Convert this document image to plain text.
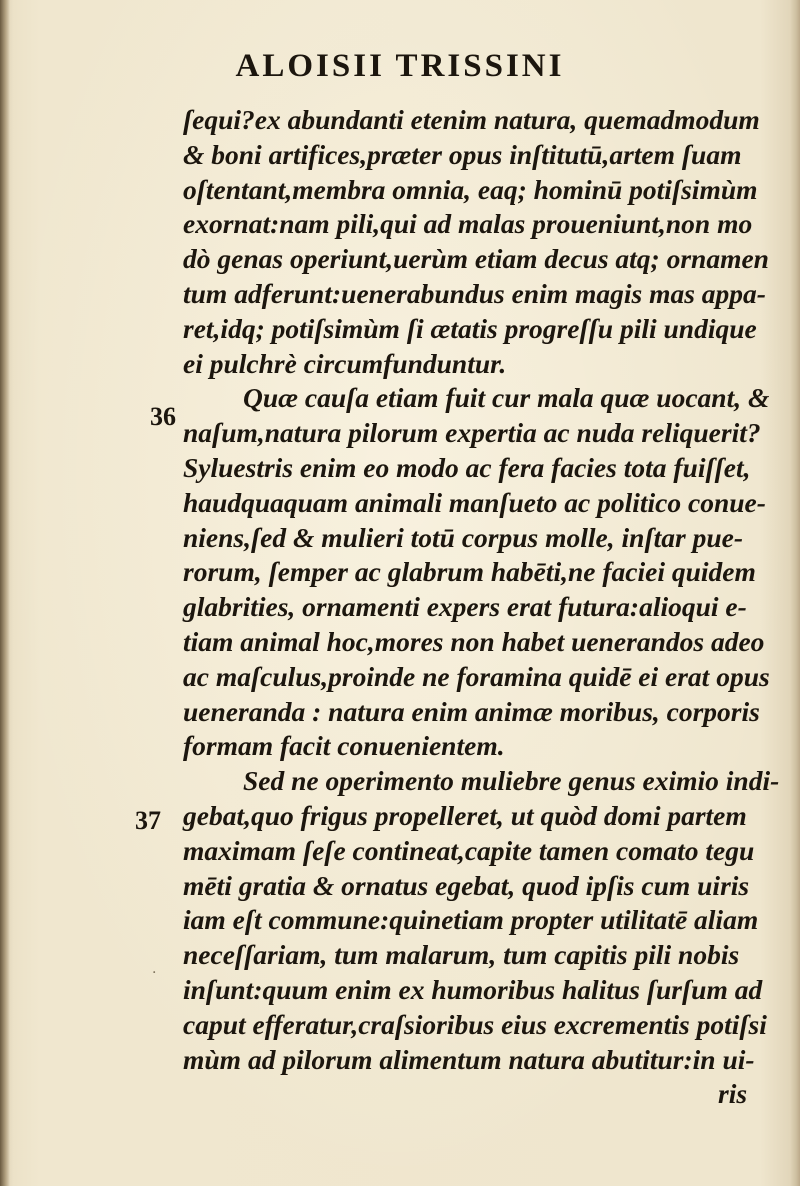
ALOISII TRISSINI
36
37
·
ſequi?ex abundanti etenim natura, quemadmodum
& boni artifices,præter opus inſtitutū,artem ſuam
oſtentant,membra omnia, eaq; hominū potiſsimùm
exornat:nam pili,qui ad malas proueniunt,non mo
dò genas operiunt,uerùm etiam decus atq; ornamen
tum adferunt:uenerabundus enim magis mas appa‐
ret,idq; potiſsimùm ſi ætatis progreſſu pili undique
ei pulchrè circumfunduntur.
Quæ cauſa etiam fuit cur mala quæ uocant, &
naſum,natura pilorum expertia ac nuda reliquerit?
Syluestris enim eo modo ac fera facies tota fuiſſet,
haudquaquam animali manſueto ac politico conue‐
niens,ſed & mulieri totū corpus molle, inſtar pue‐
rorum, ſemper ac glabrum habēti,ne faciei quidem
glabrities, ornamenti expers erat futura:alioqui e‐
tiam animal hoc,mores non habet uenerandos adeo
ac maſculus,proinde ne foramina quidē ei erat opus
ueneranda : natura enim animæ moribus, corporis
formam facit conuenientem.
Sed ne operimento muliebre genus eximio indi‐
gebat,quo frigus propelleret, ut quòd domi partem
maximam ſeſe contineat,capite tamen comato tegu
mēti gratia & ornatus egebat, quod ipſis cum uiris
iam eſt commune:quinetiam propter utilitatē aliam
neceſſariam, tum malarum, tum capitis pili nobis
inſunt:quum enim ex humoribus halitus ſurſum ad
caput efferatur,craſsioribus eius excrementis potiſsi
mùm ad pilorum alimentum natura abutitur:in ui‐
ris
